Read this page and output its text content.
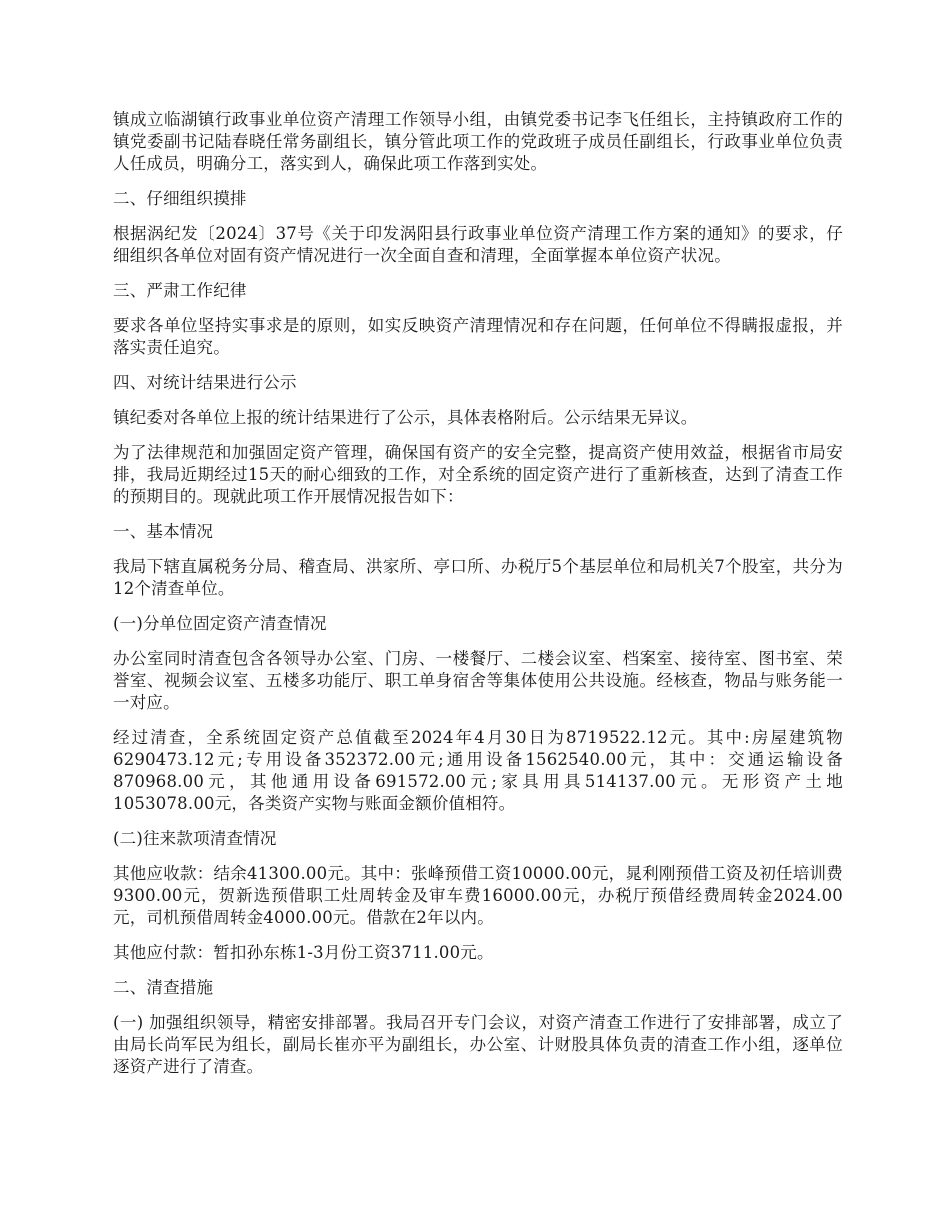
镇成立临湖镇行政事业单位资产清理工作领导小组，由镇党委书记李飞任组长，主持镇政府工作的镇党委副书记陆春晓任常务副组长，镇分管此项工作的党政班子成员任副组长，行政事业单位负责人任成员，明确分工，落实到人，确保此项工作落到实处。

二、仔细组织摸排

根据涡纪发〔2024〕37号《关于印发涡阳县行政事业单位资产清理工作方案的通知》的要求，仔细组织各单位对固有资产情况进行一次全面自查和清理，全面掌握本单位资产状况。

三、严肃工作纪律

要求各单位坚持实事求是的原则，如实反映资产清理情况和存在问题，任何单位不得瞒报虚报，并落实责任追究。

四、对统计结果进行公示

镇纪委对各单位上报的统计结果进行了公示，具体表格附后。公示结果无异议。

为了法律规范和加强固定资产管理，确保国有资产的安全完整，提高资产使用效益，根据省市局安排，我局近期经过15天的耐心细致的工作，对全系统的固定资产进行了重新核查，达到了清查工作的预期目的。现就此项工作开展情况报告如下：

一、基本情况

我局下辖直属税务分局、稽查局、洪家所、亭口所、办税厅5个基层单位和局机关7个股室，共分为12个清查单位。

(一)分单位固定资产清查情况

办公室同时清查包含各领导办公室、门房、一楼餐厅、二楼会议室、档案室、接待室、图书室、荣誉室、视频会议室、五楼多功能厅、职工单身宿舍等集体使用公共设施。经核查，物品与账务能一一对应。

经过清查，全系统固定资产总值截至2024年4月30日为8719522.12元。其中:房屋建筑物6290473.12元;专用设备352372.00元;通用设备1562540.00元，其中：交通运输设备870968.00元，其他通用设备691572.00元;家具用具514137.00元。无形资产土地1053078.00元，各类资产实物与账面金额价值相符。

(二)往来款项清查情况

其他应收款：结余41300.00元。其中：张峰预借工资10000.00元，晁利刚预借工资及初任培训费9300.00元，贺新选预借职工灶周转金及审车费16000.00元，办税厅预借经费周转金2024.00元，司机预借周转金4000.00元。借款在2年以内。

其他应付款：暂扣孙东栋1-3月份工资3711.00元。

二、清查措施

(一) 加强组织领导，精密安排部署。我局召开专门会议，对资产清查工作进行了安排部署，成立了由局长尚军民为组长，副局长崔亦平为副组长，办公室、计财股具体负责的清查工作小组，逐单位逐资产进行了清查。
